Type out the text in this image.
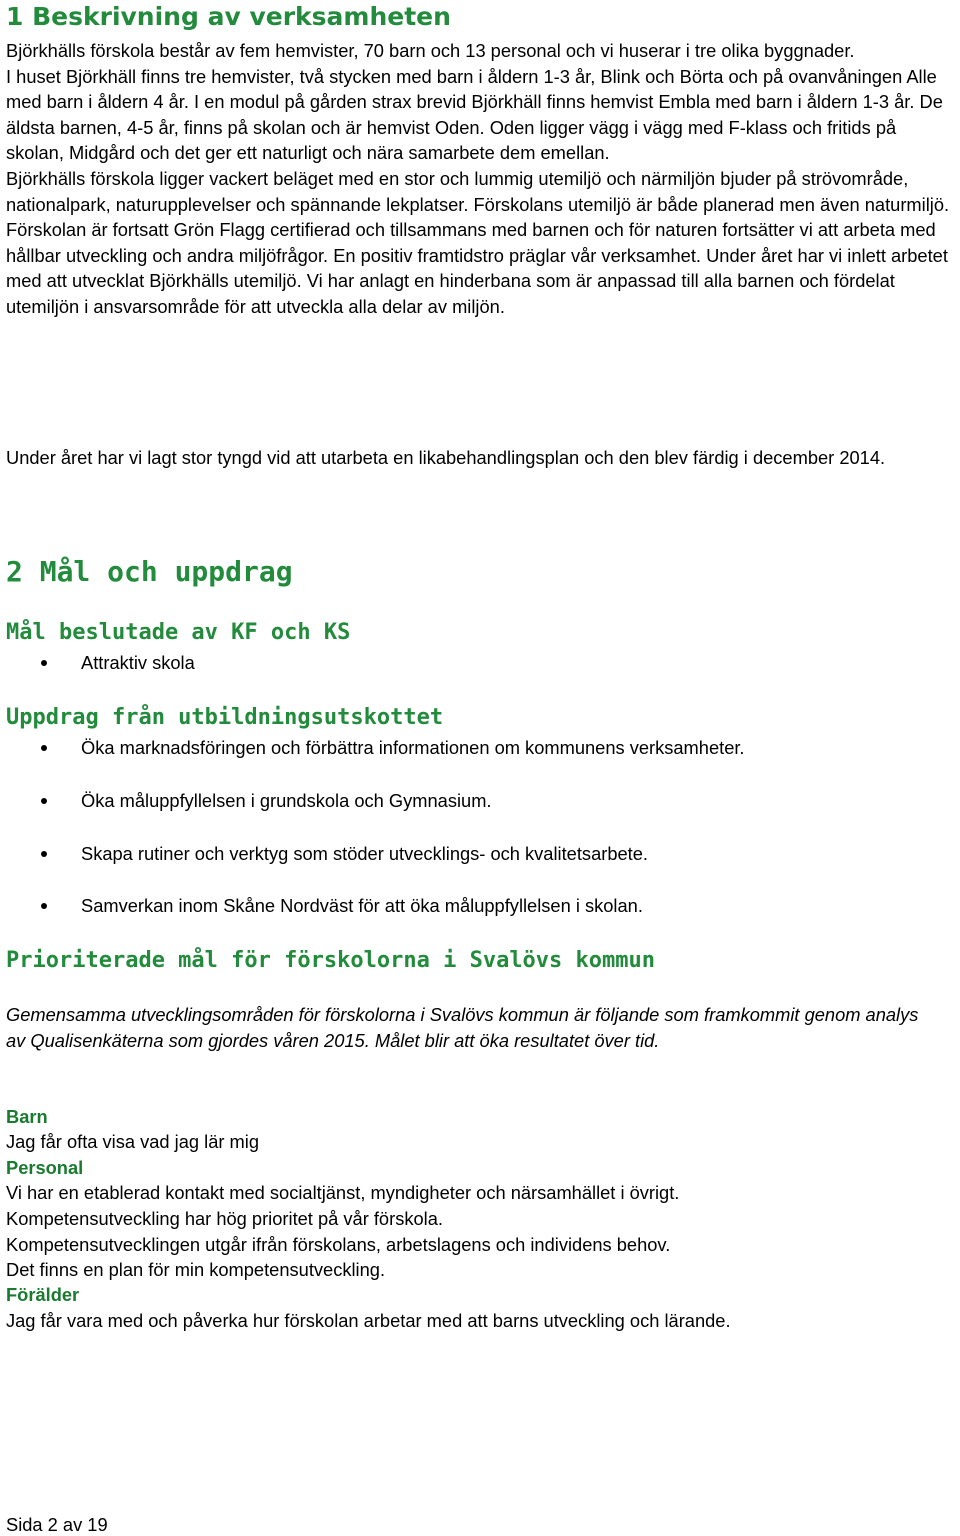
1 Beskrivning av verksamheten

Björkhälls förskola består av fem hemvister, 70 barn och 13 personal och vi huserar i tre olika byggnader.

I huset Björkhäll finns tre hemvister, två stycken med barn i åldern 1-3 år, Blink och Börta och på ovanvåningen Alle med barn i åldern 4 år. I en modul på gården strax brevid Björkhäll finns hemvist Embla med barn i åldern 1-3 år. De äldsta barnen, 4-5 år, finns på skolan och är hemvist Oden. Oden ligger vägg i vägg med F-klass och fritids på skolan, Midgård och det ger ett naturligt och nära samarbete dem emellan.

Björkhälls förskola ligger vackert beläget med en stor och lummig utemiljö och närmiljön bjuder på strövområde, nationalpark, naturupplevelser och spännande lekplatser. Förskolans utemiljö är både planerad men även naturmiljö.

Förskolan är fortsatt Grön Flagg certifierad och tillsammans med barnen och för naturen fortsätter vi att arbeta med hållbar utveckling och andra miljöfrågor. En positiv framtidstro präglar vår verksamhet. Under året har vi inlett arbetet med att utvecklat Björkhälls utemiljö. Vi har anlagt en hinderbana som är anpassad till alla barnen och fördelat utemiljön i ansvarsområde för att utveckla alla delar av miljön.

Under året har vi lagt stor tyngd vid att utarbeta en likabehandlingsplan och den blev färdig i december 2014.
2 Mål och uppdrag
Mål beslutade av KF och KS
Attraktiv skola
Uppdrag från utbildningsutskottet
Öka marknadsföringen och förbättra informationen om kommunens verksamheter.
Öka måluppfyllelsen i grundskola och Gymnasium.
Skapa rutiner och verktyg som stöder utvecklings- och kvalitetsarbete.
Samverkan inom Skåne Nordväst för att öka måluppfyllelsen i skolan.
Prioriterade mål för förskolorna i Svalövs kommun
Gemensamma utvecklingsområden för förskolorna i Svalövs kommun är följande som framkommit genom analys av Qualisenkäterna som gjordes våren 2015. Målet blir att öka resultatet över tid.
Barn
Jag får ofta visa vad jag lär mig
Personal
Vi har en etablerad kontakt med socialtjänst, myndigheter och närsamhället i övrigt.
Kompetensutveckling har hög prioritet på vår förskola.
Kompetensutvecklingen utgår ifrån förskolans, arbetslagens och individens behov.
Det finns en plan för min kompetensutveckling.
Förälder
Jag får vara med och påverka hur förskolan arbetar med att barns utveckling och lärande.
Sida 2 av 19
